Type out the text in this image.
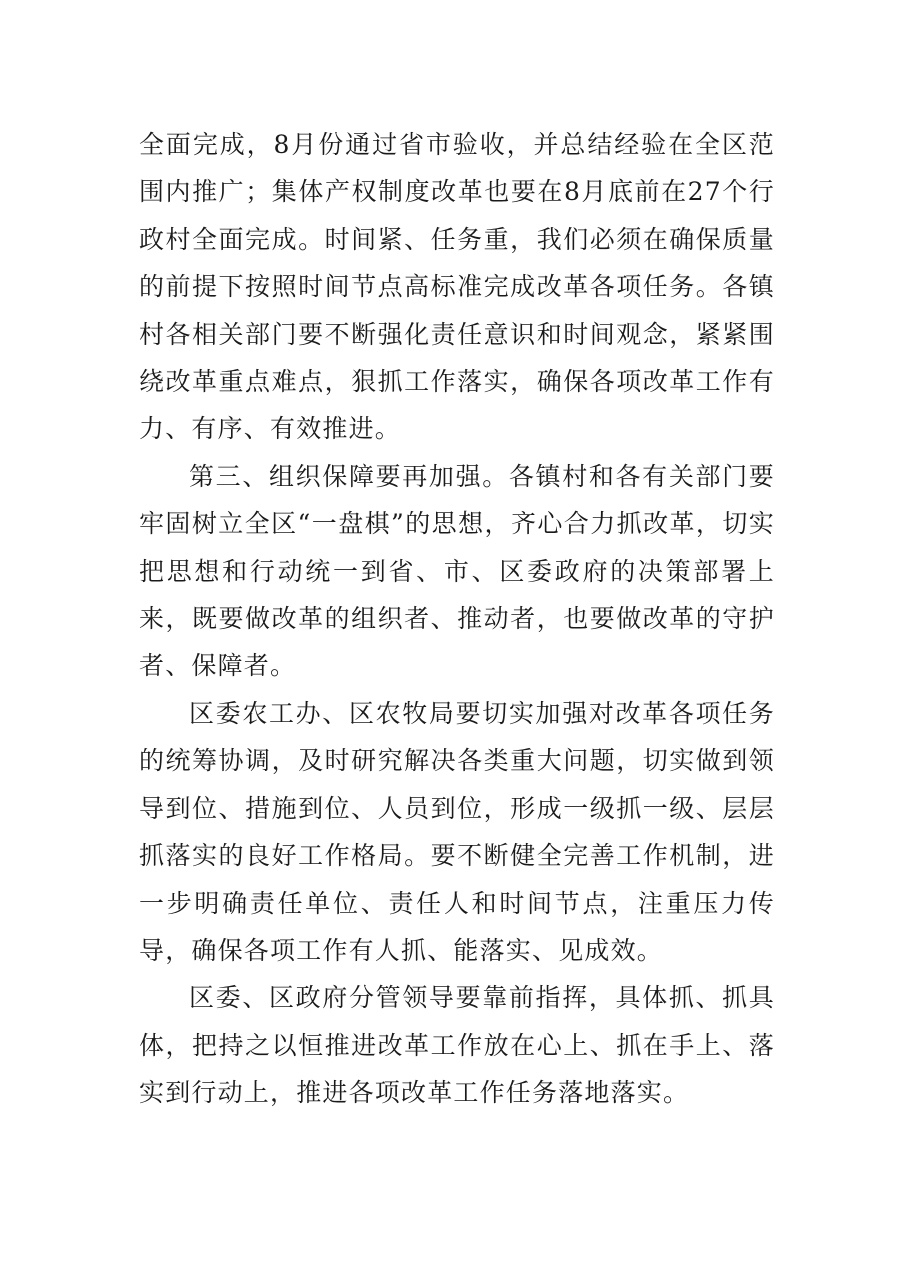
全面完成，8月份通过省市验收，并总结经验在全区范围内推广；集体产权制度改革也要在8月底前在27个行政村全面完成。时间紧、任务重，我们必须在确保质量的前提下按照时间节点高标准完成改革各项任务。各镇村各相关部门要不断强化责任意识和时间观念，紧紧围绕改革重点难点，狠抓工作落实，确保各项改革工作有力、有序、有效推进。

第三、组织保障要再加强。各镇村和各有关部门要牢固树立全区“一盘棋”的思想，齐心合力抓改革，切实把思想和行动统一到省、市、区委政府的决策部署上来，既要做改革的组织者、推动者，也要做改革的守护者、保障者。

区委农工办、区农牧局要切实加强对改革各项任务的统筹协调，及时研究解决各类重大问题，切实做到领导到位、措施到位、人员到位，形成一级抓一级、层层抓落实的良好工作格局。要不断健全完善工作机制，进一步明确责任单位、责任人和时间节点，注重压力传导，确保各项工作有人抓、能落实、见成效。

区委、区政府分管领导要靠前指挥，具体抓、抓具体，把持之以恒推进改革工作放在心上、抓在手上、落实到行动上，推进各项改革工作任务落地落实。
